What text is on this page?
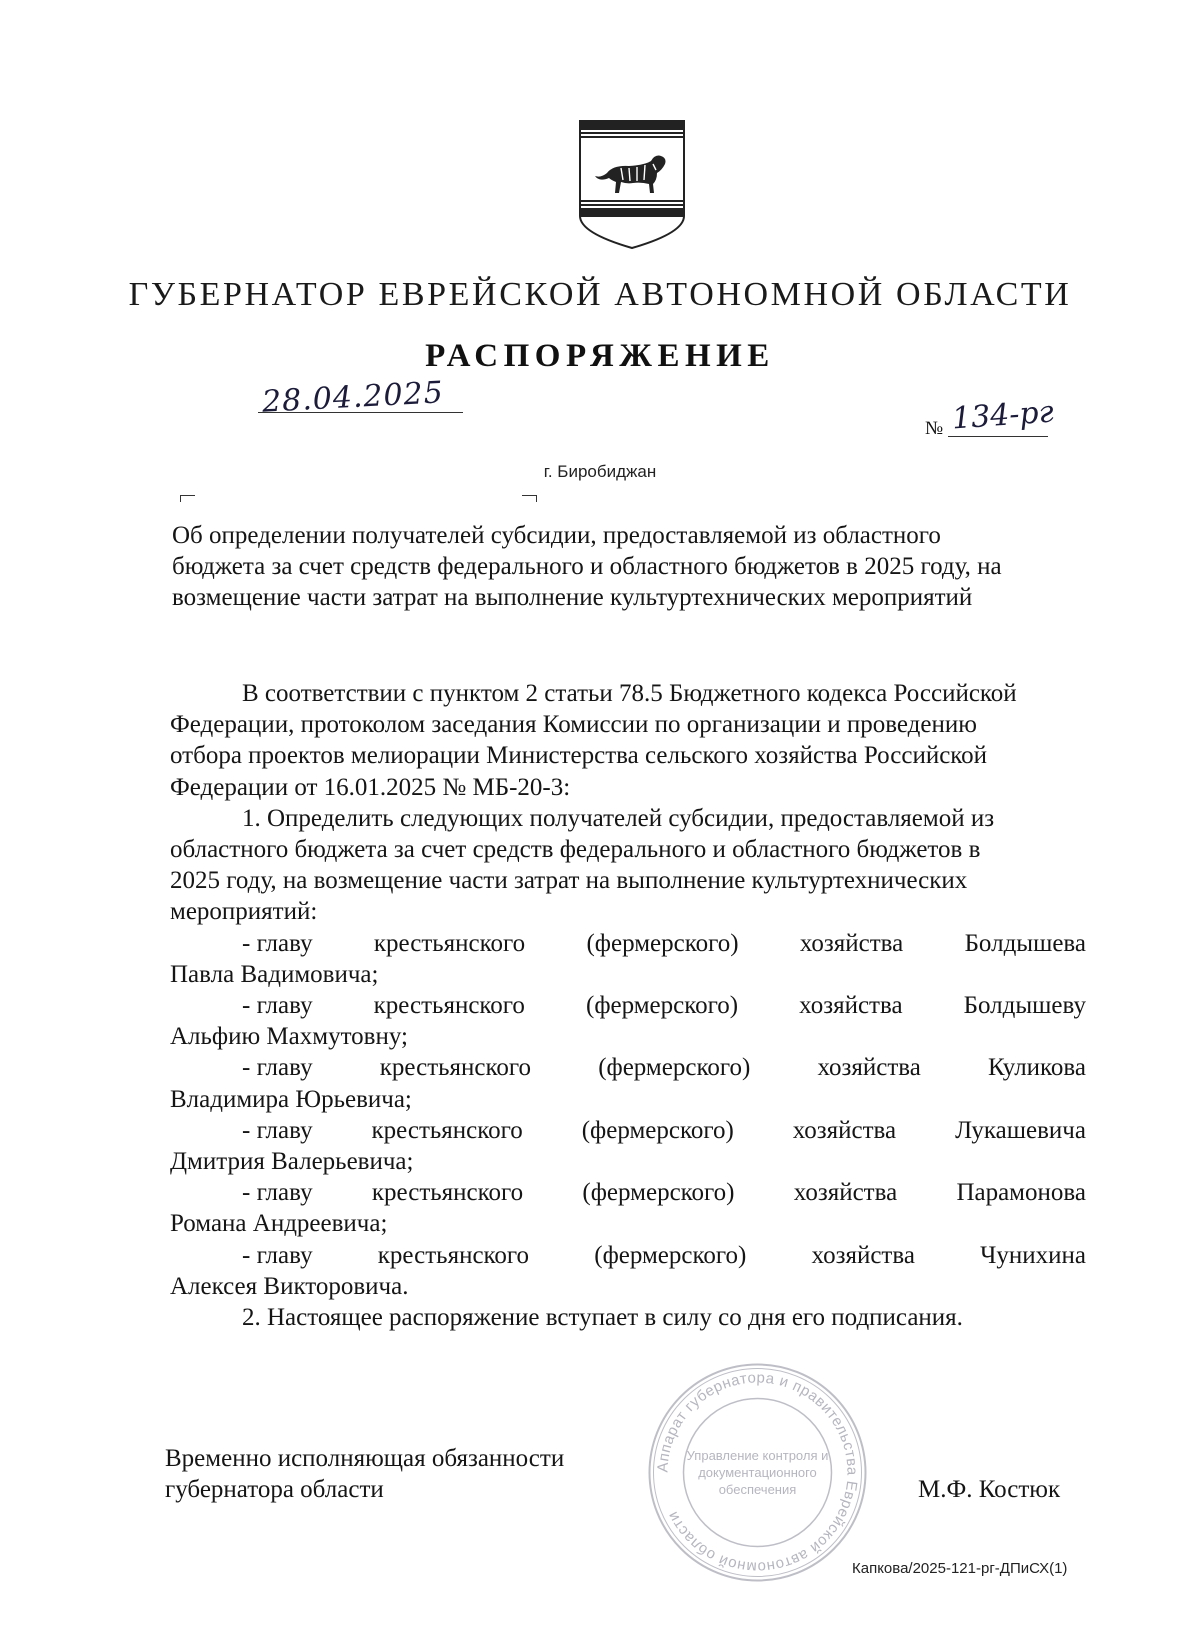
ГУБЕРНАТОР ЕВРЕЙСКОЙ АВТОНОМНОЙ ОБЛАСТИ
РАСПОРЯЖЕНИЕ
28.04.2025
№ 134-рг
г. Биробиджан
Об определении получателей субсидии, предоставляемой из областного
бюджета за счет средств федерального и областного бюджетов в 2025 году, на
возмещение части затрат на выполнение культуртехнических мероприятий
В соответствии с пунктом 2 статьи 78.5 Бюджетного кодекса Российской
Федерации, протоколом заседания Комиссии по организации и проведению
отбора проектов мелиорации Министерства сельского хозяйства Российской
Федерации от 16.01.2025 № МБ-20-3:
1. Определить следующих получателей субсидии, предоставляемой из
областного бюджета за счет средств федерального и областного бюджетов в
2025 году, на возмещение части затрат на выполнение культуртехнических
мероприятий:
- главу крестьянского (фермерского) хозяйства Болдышева
Павла Вадимовича;
- главу крестьянского (фермерского) хозяйства Болдышеву
Альфию Махмутовну;
- главу	крестьянского	(фермерского)	хозяйства	Куликова
Владимира Юрьевича;
- главу крестьянского (фермерского) хозяйства Лукашевича
Дмитрия Валерьевича;
- главу крестьянского (фермерского) хозяйства Парамонова
Романа Андреевича;
- главу	крестьянского	(фермерского)	хозяйства	Чунихина
Алексея Викторовича.
2. Настоящее распоряжение вступает в силу со дня его подписания.
Аппарат губернатора и правительства Еврейской автономной области
Управление контроля и
документационного
обеспечения
Временно исполняющая обязанности
губернатора области	М.Ф. Костюк
Капкова/2025-121-рг-ДПиСХ(1)
